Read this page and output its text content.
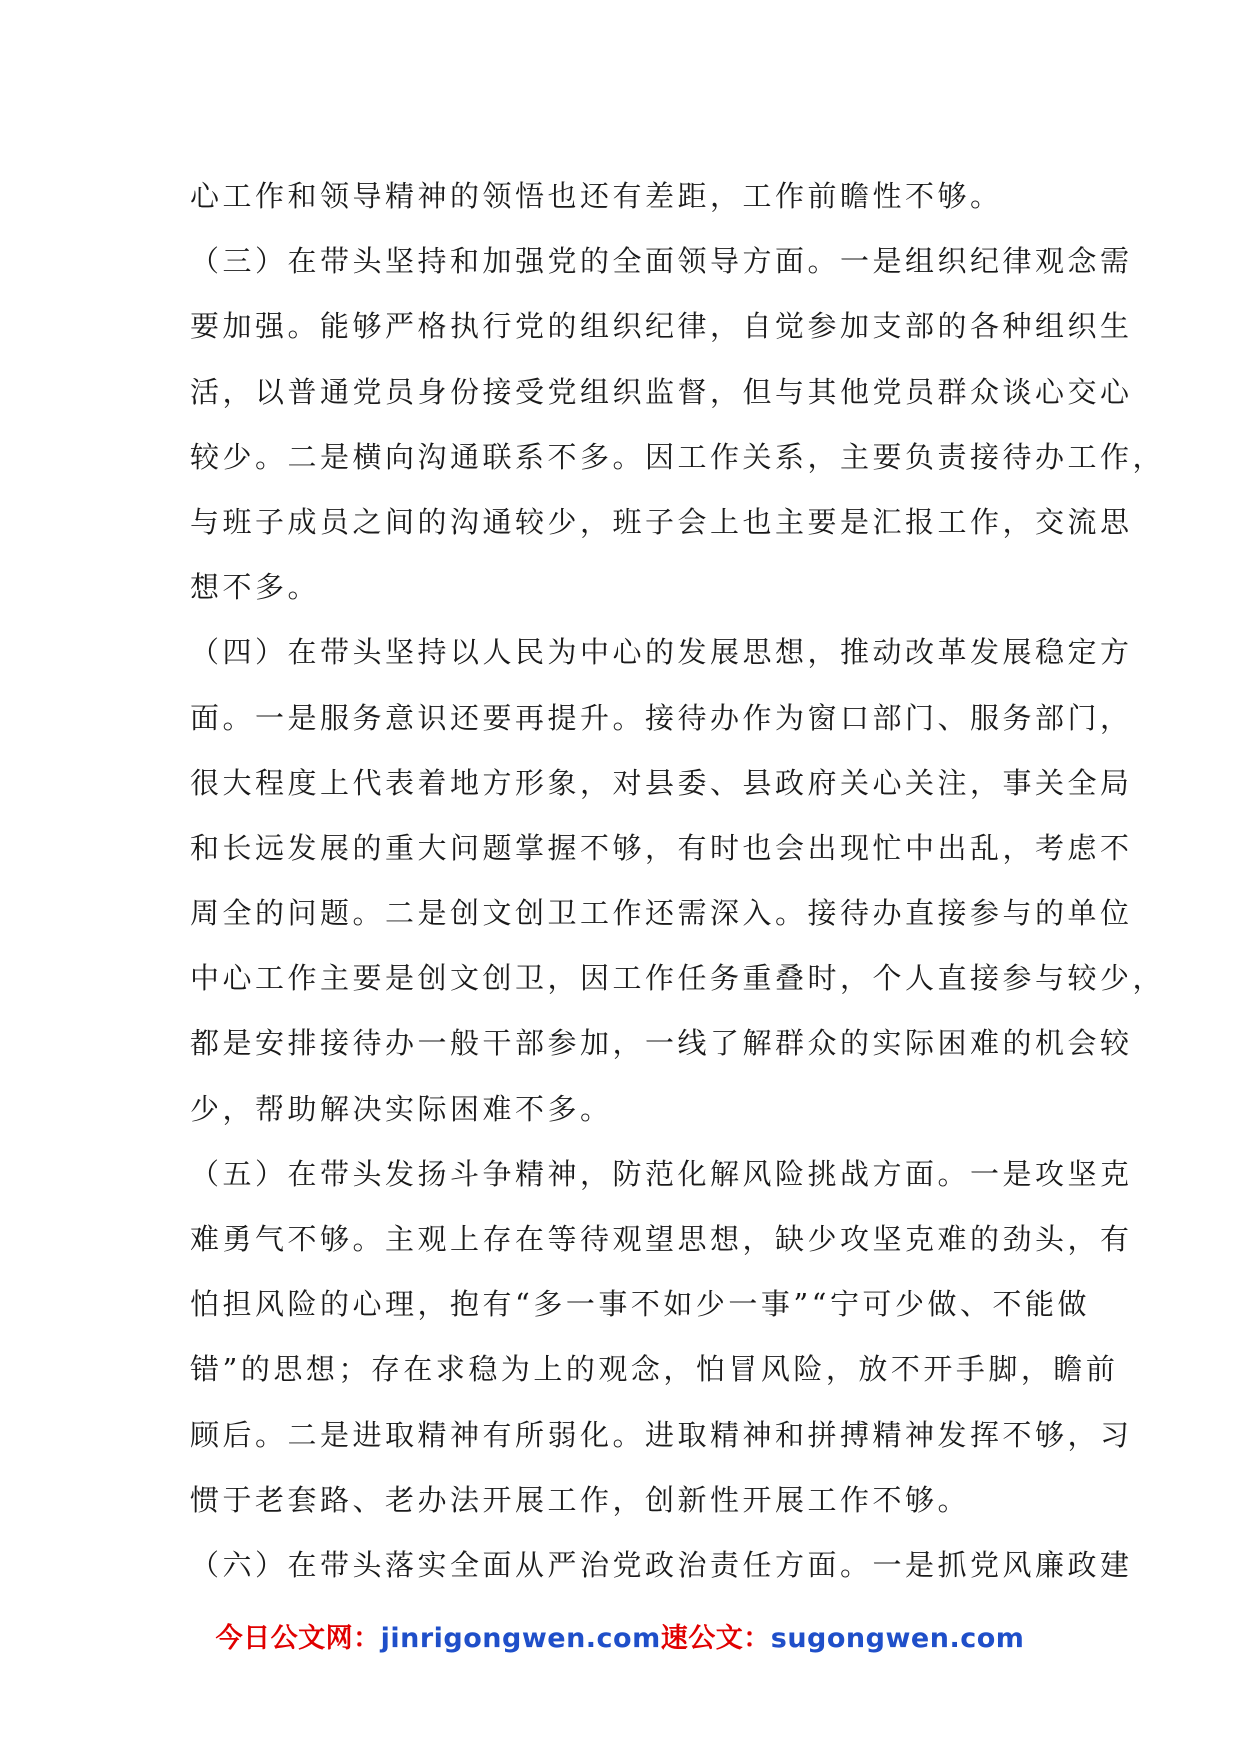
心工作和领导精神的领悟也还有差距，工作前瞻性不够。
（三）在带头坚持和加强党的全面领导方面。一是组织纪律观念需
要加强。能够严格执行党的组织纪律，自觉参加支部的各种组织生
活，以普通党员身份接受党组织监督，但与其他党员群众谈心交心
较少。二是横向沟通联系不多。因工作关系，主要负责接待办工作，
与班子成员之间的沟通较少，班子会上也主要是汇报工作，交流思
想不多。
（四）在带头坚持以人民为中心的发展思想，推动改革发展稳定方
面。一是服务意识还要再提升。接待办作为窗口部门、服务部门，
很大程度上代表着地方形象，对县委、县政府关心关注，事关全局
和长远发展的重大问题掌握不够，有时也会出现忙中出乱，考虑不
周全的问题。二是创文创卫工作还需深入。接待办直接参与的单位
中心工作主要是创文创卫，因工作任务重叠时，个人直接参与较少，
都是安排接待办一般干部参加，一线了解群众的实际困难的机会较
少，帮助解决实际困难不多。
（五）在带头发扬斗争精神，防范化解风险挑战方面。一是攻坚克
难勇气不够。主观上存在等待观望思想，缺少攻坚克难的劲头，有
怕担风险的心理，抱有“多一事不如少一事”“宁可少做、不能做
错”的思想；存在求稳为上的观念，怕冒风险，放不开手脚，瞻前
顾后。二是进取精神有所弱化。进取精神和拼搏精神发挥不够，习
惯于老套路、老办法开展工作，创新性开展工作不够。
（六）在带头落实全面从严治党政治责任方面。一是抓党风廉政建
今日公文网：jinrigongwen.com速公文：sugongwen.com
